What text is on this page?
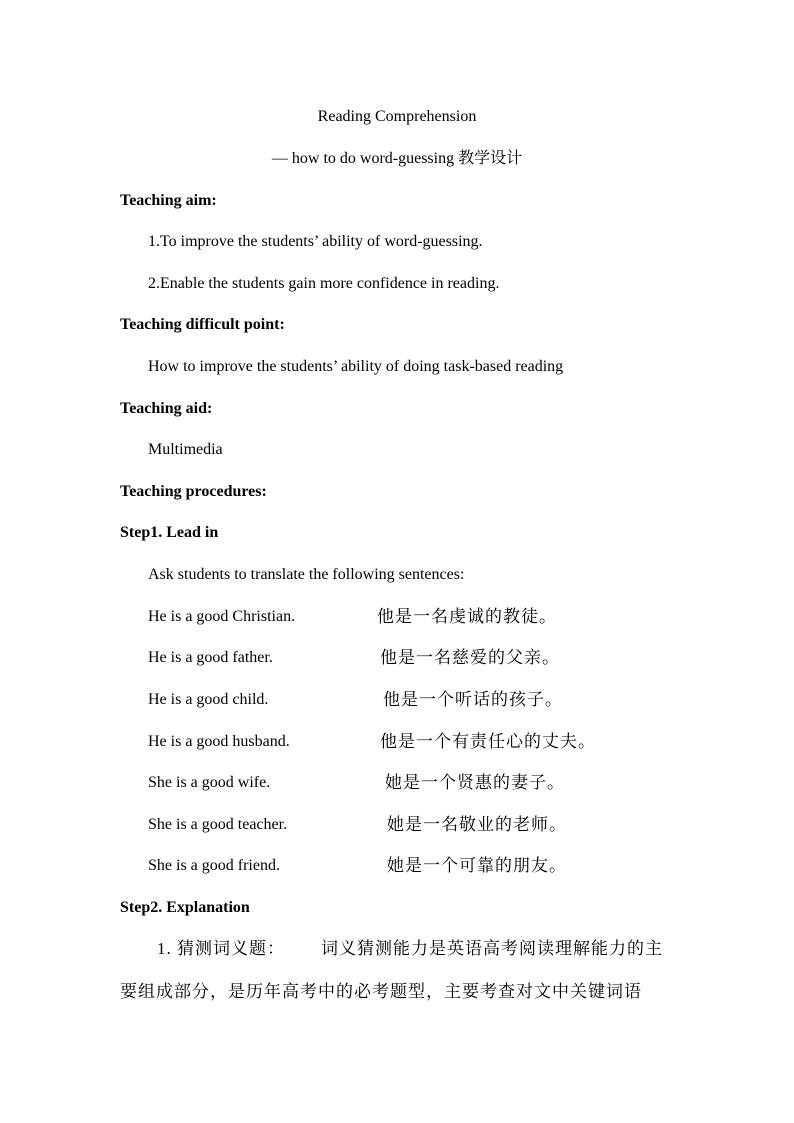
Reading Comprehension
— how to do word-guessing 教学设计
Teaching aim:
1.To improve the students’ ability of word-guessing.
2.Enable the students gain more confidence in reading.
Teaching difficult point:
How to improve the students’ ability of doing task-based reading
Teaching aid:
Multimedia
Teaching procedures:
Step1. Lead in
Ask students to translate the following sentences:
He is a good Christian.	他是一名虔诚的教徒。
He is a good father.	他是一名慈爱的父亲。
He is a good child.	他是一个听话的孩子。
He is a good husband.	他是一个有责任心的丈夫。
She is a good wife.	她是一个贤惠的妻子。
She is a good teacher.	她是一名敬业的老师。
She is a good friend.	她是一个可靠的朋友。
Step2. Explanation
1. 猜测词义题： 词义猜测能力是英语高考阅读理解能力的主
要组成部分，是历年高考中的必考题型，主要考查对文中关键词语
